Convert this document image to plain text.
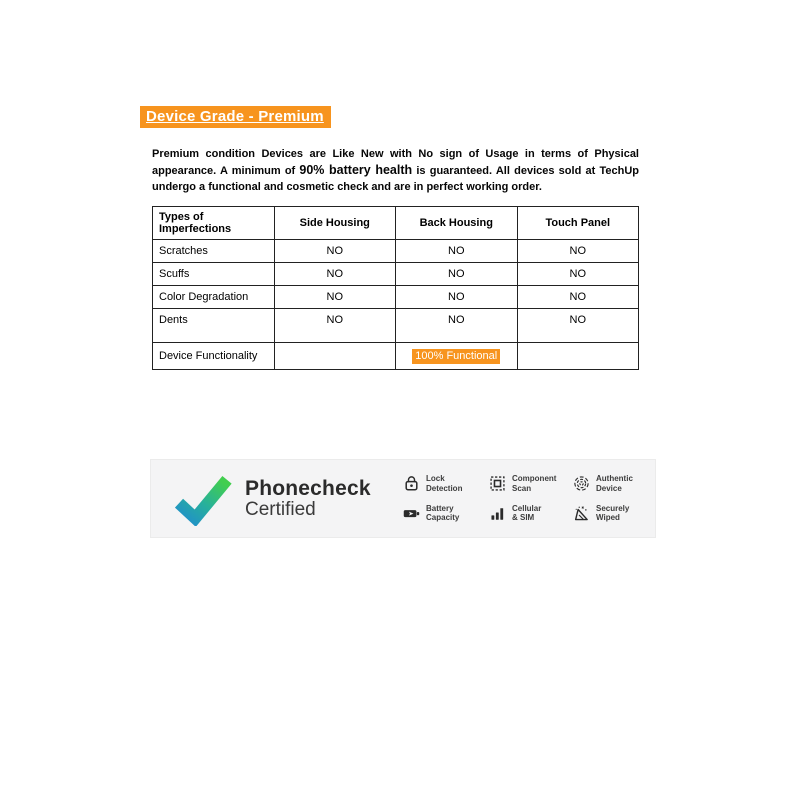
Device Grade - Premium

Premium condition Devices are Like New with No sign of Usage in terms of Physical appearance. A minimum of 90% battery health is guaranteed. All devices sold at TechUp undergo a functional and cosmetic check and are in perfect working order.

Types of Imperfections	Side Housing	Back Housing	Touch Panel
Scratches	NO	NO	NO
Scuffs	NO	NO	NO
Color Degradation	NO	NO	NO
Dents	NO	NO	NO
Device Functionality		100% Functional	
Phonecheck
Certified
Lock
Detection
Battery
Capacity
Component
Scan
Cellular
& SIM
Authentic
Device
Securely
Wiped
